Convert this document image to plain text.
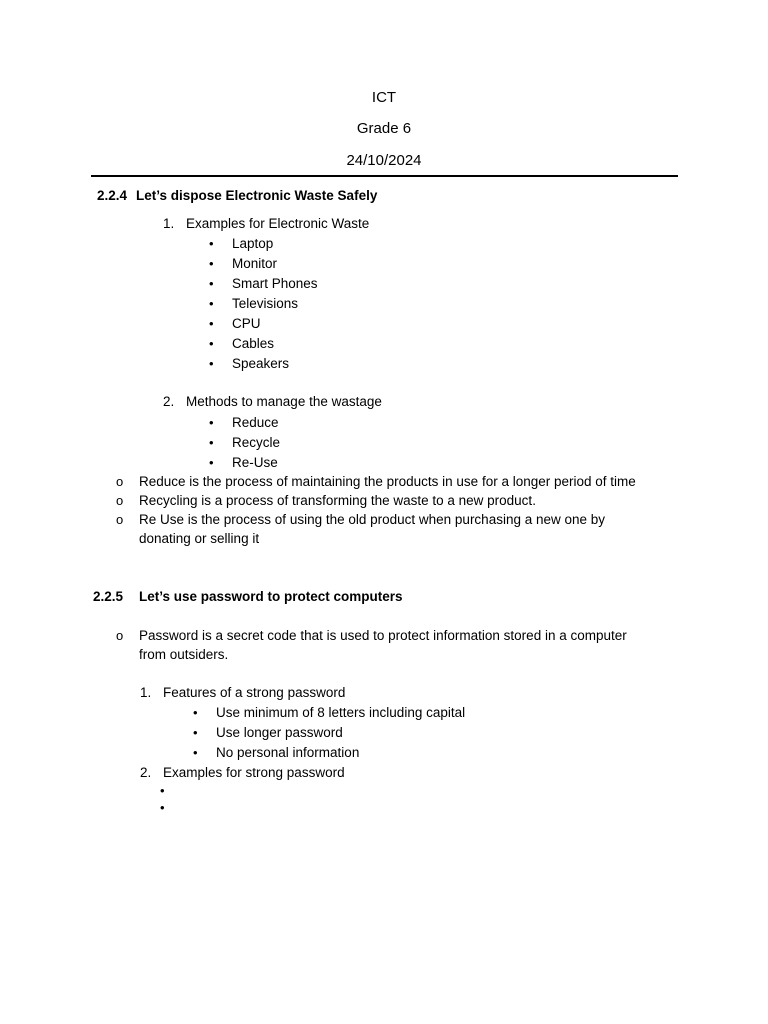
ICT
Grade 6
24/10/2024
2.2.4 Let’s dispose Electronic Waste Safely
1. Examples for Electronic Waste
• Laptop
• Monitor
• Smart Phones
• Televisions
• CPU
• Cables
• Speakers
2. Methods to manage the wastage
• Reduce
• Recycle
• Re-Use
o Reduce is the process of maintaining the products in use for a longer period of time
o Recycling is a process of transforming the waste to a new product.
o Re Use is the process of using the old product when purchasing a new one by
donating or selling it
2.2.5 Let’s use password to protect computers
o Password is a secret code that is used to protect information stored in a computer
from outsiders.
1. Features of a strong password
• Use minimum of 8 letters including capital
• Use longer password
• No personal information
2. Examples for strong password
•
•
